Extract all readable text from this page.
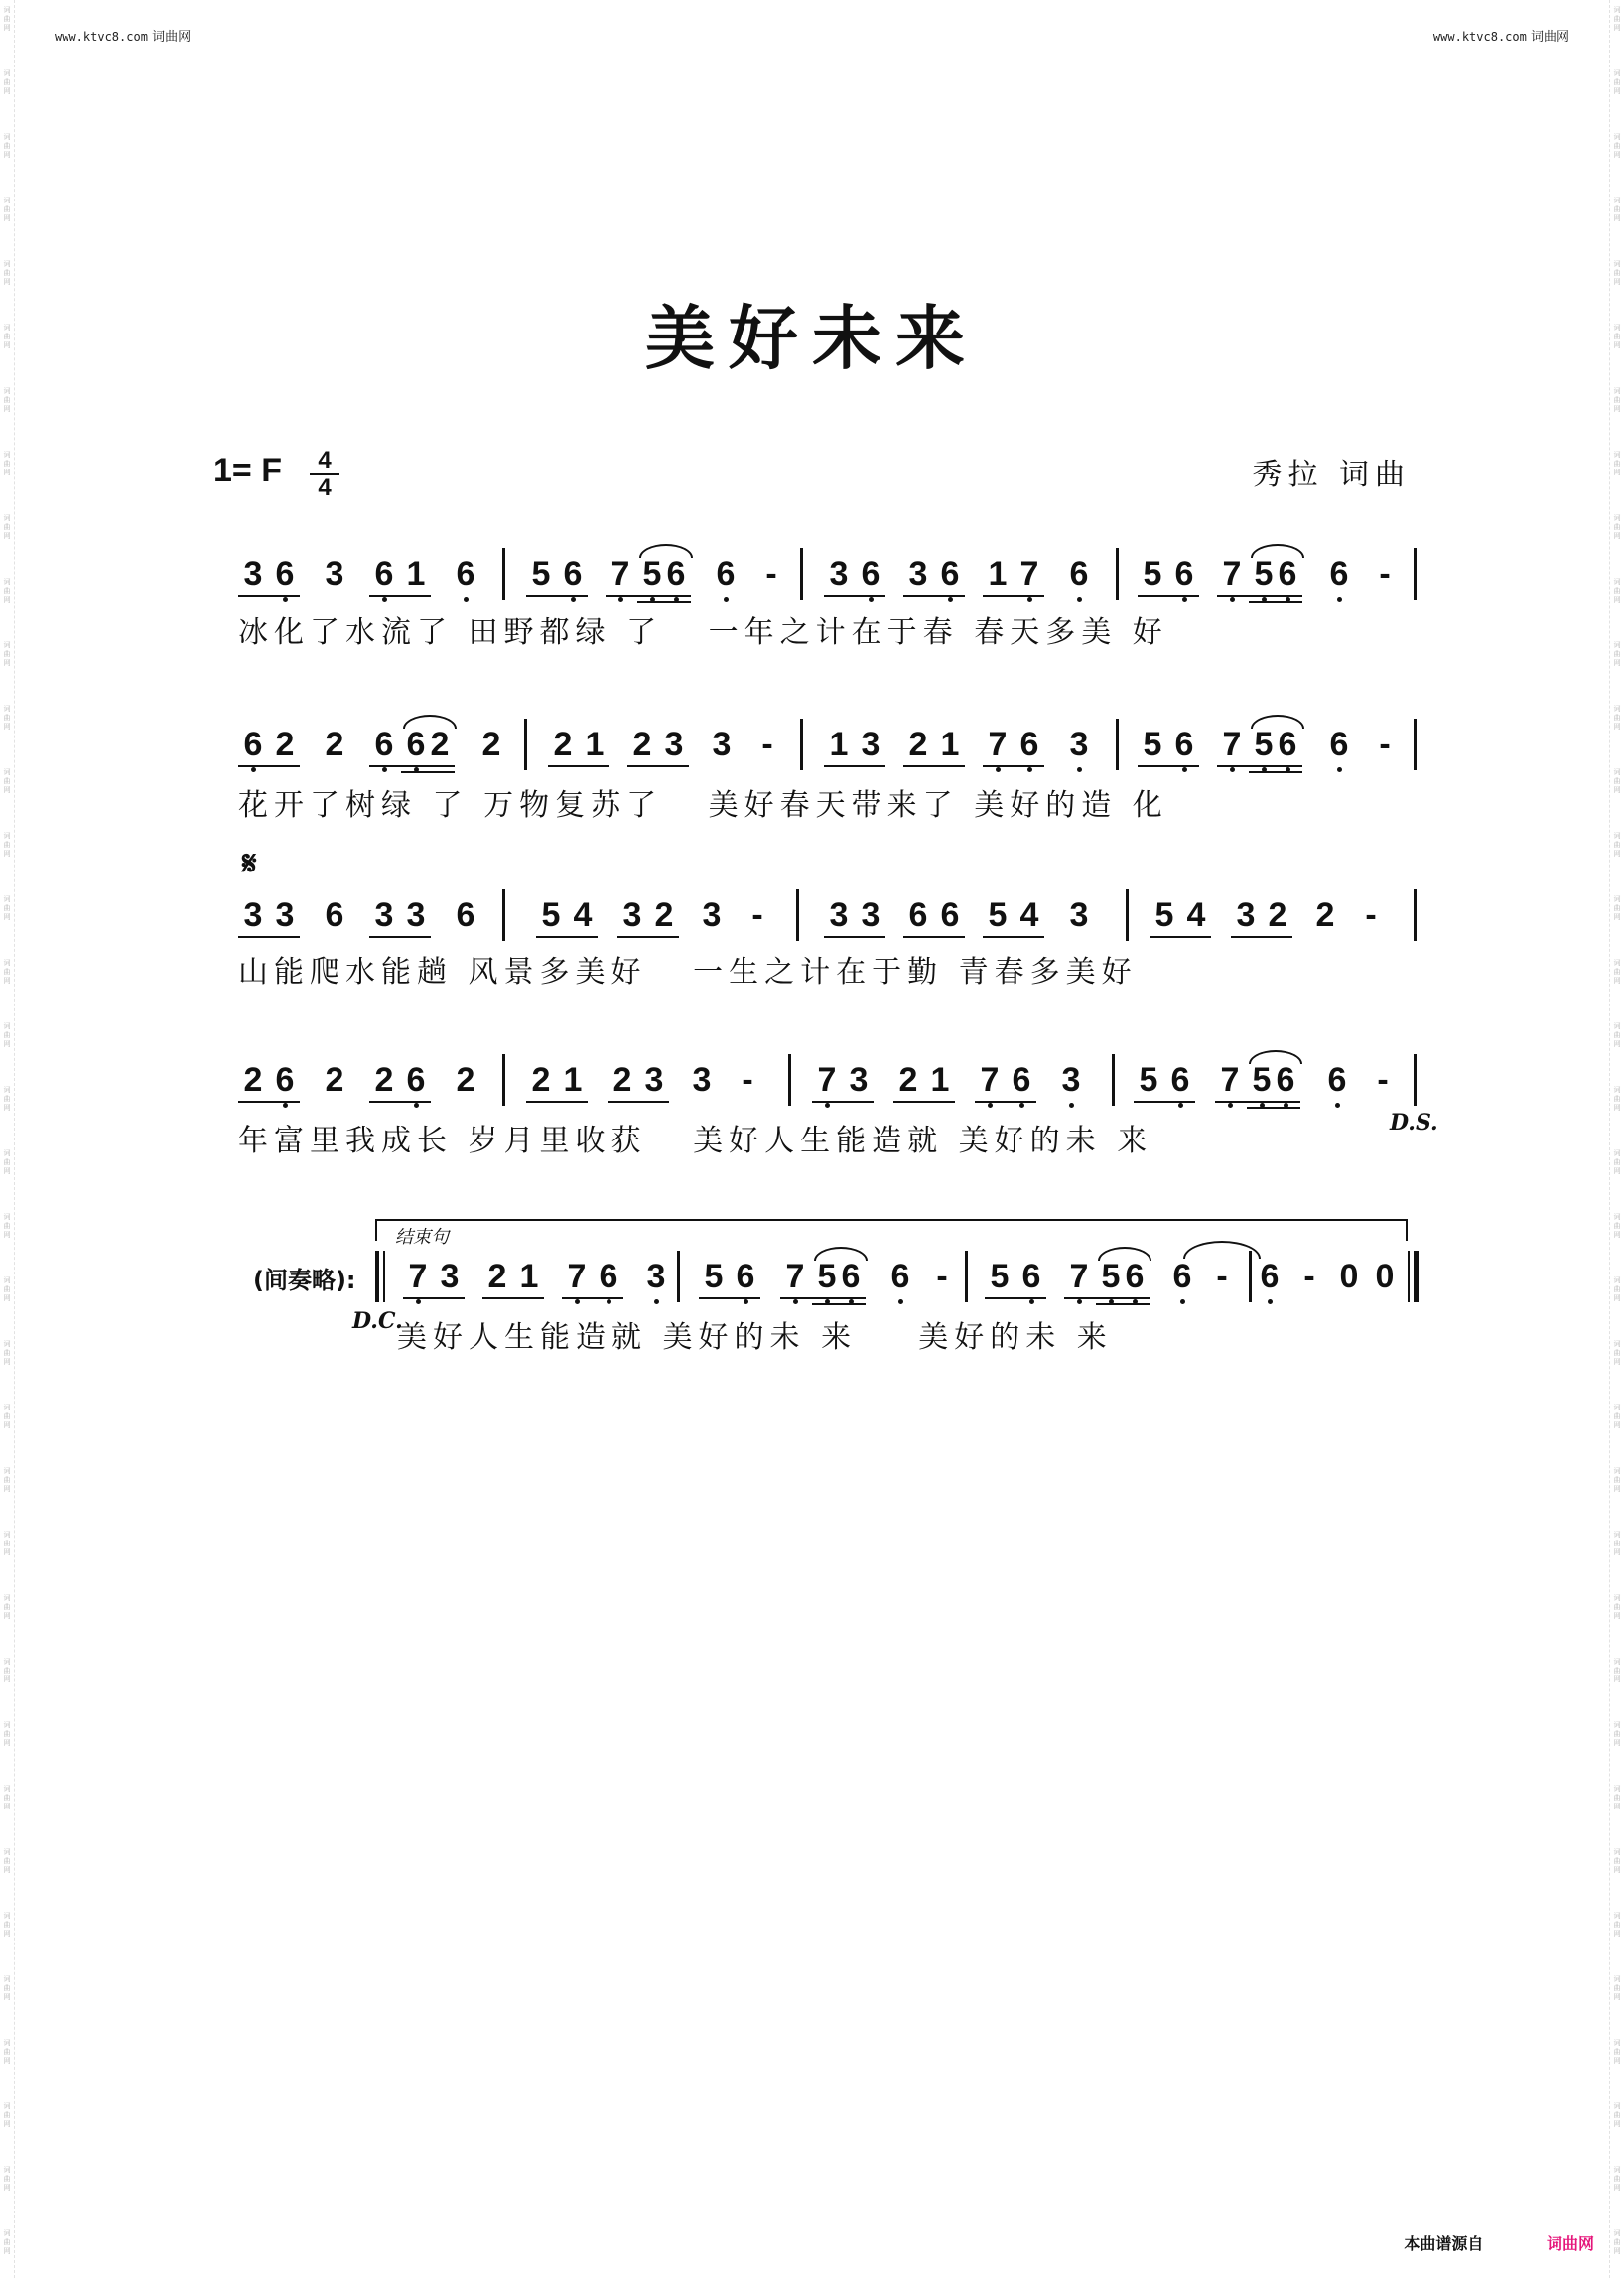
词
曲
网
词
曲
网
词
曲
网
词
曲
网
词
曲
网
词
曲
网
词
曲
网
词
曲
网
词
曲
网
词
曲
网
词
曲
网
词
曲
网
词
曲
网
词
曲
网
词
曲
网
词
曲
网
词
曲
网
词
曲
网
词
曲
网
词
曲
网
词
曲
网
词
曲
网
词
曲
网
词
曲
网
词
曲
网
词
曲
网
词
曲
网
词
曲
网
词
曲
网
词
曲
网
词
曲
网
词
曲
网
词
曲
网
词
曲
网
词
曲
网
词
曲
网
词
曲
网
词
曲
网
词
曲
网
词
曲
网
词
曲
网
词
曲
网
词
曲
网
词
曲
网
词
曲
网
词
曲
网
词
曲
网
词
曲
网
词
曲
网
词
曲
网
词
曲
网
词
曲
网
词
曲
网
词
曲
网
词
曲
网
词
曲
网
词
曲
网
词
曲
网
词
曲
网
词
曲
网
词
曲
网
词
曲
网
词
曲
网
词
曲
网
词
曲
网
词
曲
网
词
曲
网
词
曲
网
词
曲
网
词
曲
网
词
曲
网
词
曲
网
www.ktvc8.com 词曲网	www.ktvc8.com 词曲网
美好未来
1= F	4
4	秀拉 词曲
3 6 3 6 1 6 5 6 7 5 6 6 - 3 6 3 6 1 7 6 5 6 7 5 6 6 -
冰化了水流了 田野都绿 了   一年之计在于春 春天多美 好
6 2 2 6 6 2 2 2 1 2 3 3 - 1 3 2 1 7 6 3 5 6 7 5 6 6 -
花开了树绿 了 万物复苏了   美好春天带来了 美好的造 化
𝄋
3 3 6 3 3 6 5 4 3 2 3 - 3 3 6 6 5 4 3 5 4 3 2 2 -
山能爬水能趟 风景多美好   一生之计在于勤 青春多美好
2 6 2 2 6 2 2 1 2 3 3 - 7 3 2 1 7 6 3 5 6 7 5 6 6 -
年富里我成长 岁月里收获   美好人生能造就 美好的未 来
D.S.
结束句
(间奏略): 7 3 2 1 7 6 3 5 6 7 5 6 6 - 5 6 7 5 6 6 - 6 - 0 0
D.C.
美好人生能造就 美好的未 来    美好的未 来
本曲谱源自	词曲网
